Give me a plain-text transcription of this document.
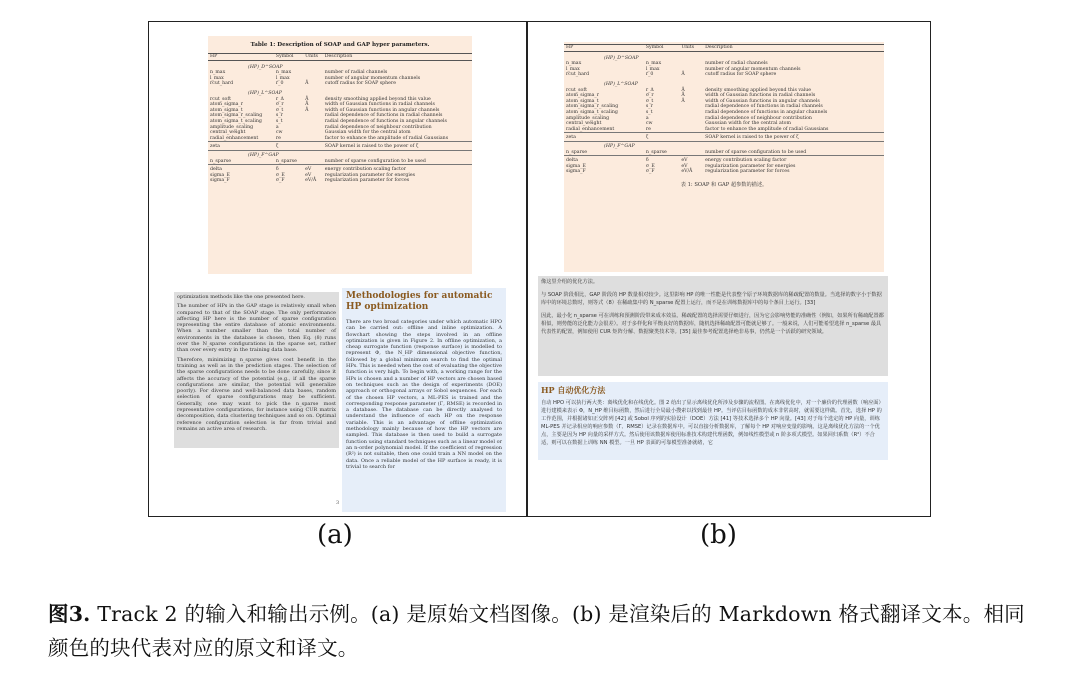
Table 1: Description of SOAP and GAP hyper parameters.
HP	Symbol	Units	Description
(HP)_D^SOAP			
n_max	n_max		number of radial channels
l_max	l_max		number of angular momentum channels
rcut_hard	r_0	Å	cutoff radius for SOAP sphere
(HP)_L^SOAP			
rcut_soft	r_Δ	Å	density smoothing applied beyond this value
atom_sigma_r	σ_r	Å	width of Gaussian functions in radial channels
atom_sigma_t	σ_t	Å	width of Gaussian functions in angular channels
atom_sigma_r_scaling	s_r		radial dependence of functions in radial channels
atom_sigma_t_scaling	s_t		radial dependence of functions in angular channels
amplitude_scaling	a		radial dependence of neighbour contribution
central_weight	cw		Gaussian width for the central atom
radial_enhancement	re		factor to enhance the amplitude of radial Gaussians
zeta	ζ		SOAP kernel is raised to the power of ζ
(HP)_F^GAP			
n_sparse	n_sparse		number of sparse configuration to be used
delta	δ	eV	energy contribution scaling factor
sigma_E	σ_E	eV	regularization parameter for energies
sigma_F	σ_F	eV/Å	regularization parameter for forces

optimization methods like the one presented here.

The number of HPs in the GAP stage is relatively small when compared to that of the SOAP stage. The only performance affecting HP here is the number of sparse configuration representing the entire database of atomic environments. When a number smaller than the total number of environments in the database is chosen, then Eq. (8) runs over the N_sparse configurations in the sparse set, rather than over every entry in the training data base.

Therefore, minimizing n_sparse gives cost benefit in the training as well as in the prediction stages. The selection of the sparse configurations needs to be done carefully, since it affects the accuracy of the potential (e.g., if all the sparse configurations are similar, the potential will generalize poorly). For diverse and well-balanced data bases, random selection of sparse configurations may be sufficient. Generally, one may want to pick the n_sparse most representative configurations, for instance using CUR matrix decomposition, data clustering techniques and so on. Optimal reference configuration selection is far from trivial and remains an active area of research.

Methodologies for automatic HP optimization

There are two broad categories under which automatic HPO can be carried out: offline and inline optimization. A flowchart showing the steps involved in an offline optimization is given in Figure 2. In offline optimization, a cheap surrogate function (response surface) is modelled to represent Φ, the N_HP dimensional objective function, followed by a global minimum search to find the optimal HPs. This is needed when the cost of evaluating the objective function is very high. To begin with, a working range for the HPs is chosen and a number of HP vectors are chosen based on techniques such as the design of experiments (DOE) approach or orthogonal arrays or Sobol sequences. For each of the chosen HP vectors, a ML-PES is trained and the corresponding response parameter (Γ, RMSE) is recorded in a database. The database can be directly analysed to understand the influence of each HP on the response variable. This is an advantage of offline optimization methodology mainly because of how the HP vectors are sampled. This database is then used to build a surrogate function using standard techniques such as a linear model or an n-order polynomial model. If the coefficient of regression (R²) is not suitable, then one could train a NN model on the data. Once a reliable model of the HP surface is ready, it is trivial to search for

3
HP	Symbol	Units	Description
(HP)_D^SOAP			
n_max	n_max		number of radial channels
l_max	l_max		number of angular momentum channels
rcut_hard	r_0	Å	cutoff radius for SOAP sphere
(HP)_L^SOAP			
rcut_soft	r_Δ	Å	density smoothing applied beyond this value
atom_sigma_r	σ_r	Å	width of Gaussian functions in radial channels
atom_sigma_t	σ_t	Å	width of Gaussian functions in angular channels
atom_sigma_r_scaling	s_r		radial dependence of functions in radial channels
atom_sigma_t_scaling	s_t		radial dependence of functions in angular channels
amplitude_scaling	a		radial dependence of neighbour contribution
central_weight	cw		Gaussian width for the central atom
radial_enhancement	re		factor to enhance the amplitude of radial Gaussians
zeta	ζ		SOAP kernel is raised to the power of ζ
(HP)_F^GAP			
n_sparse	n_sparse		number of sparse configuration to be used
delta	δ	eV	energy contribution scaling factor
sigma_E	σ_E	eV	regularization parameter for energies
sigma_F	σ_F	eV/Å	regularization parameter for forces
表 1: SOAP 和 GAP 超参数的描述。

像这里介绍的优化方法。

与 SOAP 阶段相比，GAP 阶段的 HP 数量相对较少。这里影响 HP 的唯一性能是代表整个原子环境数据库的稀疏配置的数量。当选择的数字小于数据库中的环境总数时，则等式（8）在稀疏集中的 N_sparse 配置上运行，而不是在训练数据库中的每个条目上运行。[33]

因此，最小化 n_sparse 可在训练和预测阶段带来成本效益。稀疏配置的选择需要仔细进行，因为它会影响势能的准确性（例如，如果所有稀疏配置都相似，则势能的泛化能力会很差）。对于多样化和平衡良好的数据库，随机选择稀疏配置可能就足够了。一般来说，人们可能希望选择 n_sparse 最具代表性的配置，例如使用 CUR 矩阵分解、数据聚类技术等。[35] 最佳参考配置选择绝非易事，仍然是一个活跃的研究领域。

HP 自动优化方法

自动 HPO 可以执行两大类：离线优化和在线优化。图 2 给出了显示离线优化所涉及步骤的流程图。在离线优化中，对一个廉价的代理函数（响应面）进行建模来表示 Φ，N_HP 维目标函数，然后进行全局最小搜索以找到最佳 HP。当评估目标函数的成本非常高时，就需要这样做。首先，选择 HP 的工作范围，并根据诸如正交阵列 [42] 或 Sobol 序列的实验设计（DOE）方法 [41] 等技术选择多个 HP 向量。[43] 对于每个选定的 HP 向量，训练 ML-PES 并记录相应的响应参数（Γ、RMSE）记录在数据库中。可以直接分析数据库，了解每个 HP 对响应变量的影响。这是离线优化方法的一个优点，主要是因为 HP 向量的采样方式。然后使用该数据库使用标准技术构建代理函数，例如线性模型或 n 阶多项式模型。如果回归系数（R²）不合适，则可以在数据上训练 NN 模型。一旦 HP 表面的可靠模型准备就绪，它

(a)	(b)
图3. Track 2 的输入和输出示例。(a) 是原始文档图像。(b) 是渲染后的 Markdown 格式翻译文本。相同颜色的块代表对应的原文和译文。
